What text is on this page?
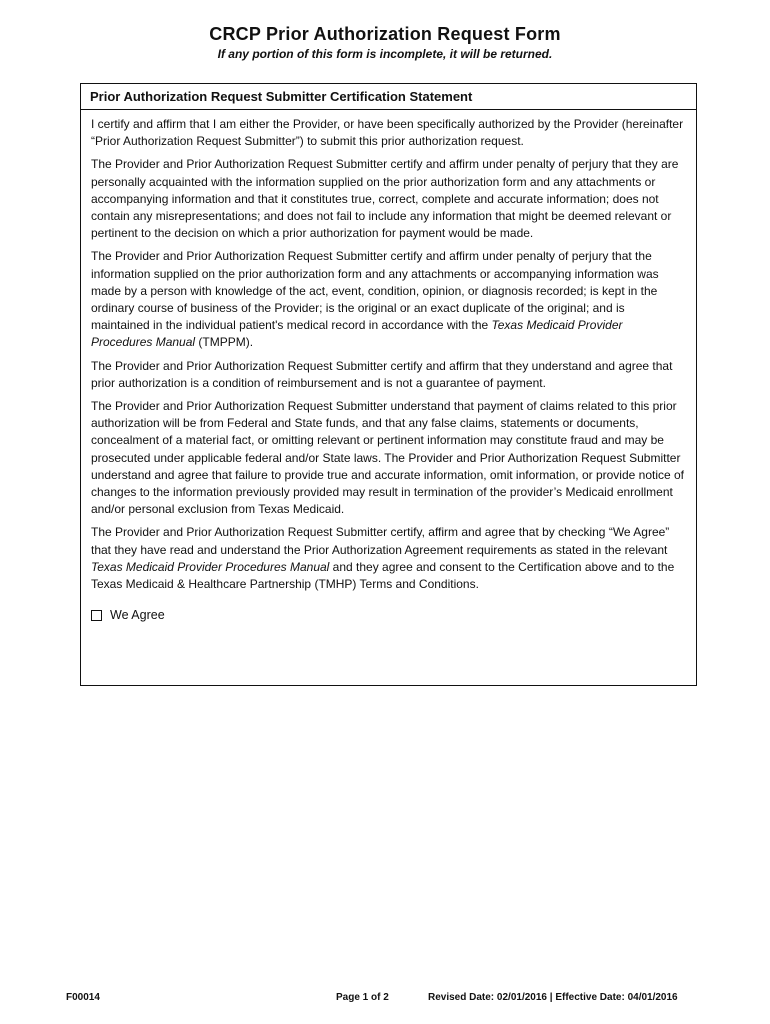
CRCP Prior Authorization Request Form

If any portion of this form is incomplete, it will be returned.

Prior Authorization Request Submitter Certification Statement

I certify and affirm that I am either the Provider, or have been specifically authorized by the Provider (hereinafter “Prior Authorization Request Submitter”) to submit this prior authorization request.

The Provider and Prior Authorization Request Submitter certify and affirm under penalty of perjury that they are personally acquainted with the information supplied on the prior authorization form and any attachments or accompanying information and that it constitutes true, correct, complete and accurate information; does not contain any misrepresentations; and does not fail to include any information that might be deemed relevant or pertinent to the decision on which a prior authorization for payment would be made.

The Provider and Prior Authorization Request Submitter certify and affirm under penalty of perjury that the information supplied on the prior authorization form and any attachments or accompanying information was made by a person with knowledge of the act, event, condition, opinion, or diagnosis recorded; is kept in the ordinary course of business of the Provider; is the original or an exact duplicate of the original; and is maintained in the individual patient's medical record in accordance with the Texas Medicaid Provider Procedures Manual (TMPPM).

The Provider and Prior Authorization Request Submitter certify and affirm that they understand and agree that prior authorization is a condition of reimbursement and is not a guarantee of payment.

The Provider and Prior Authorization Request Submitter understand that payment of claims related to this prior authorization will be from Federal and State funds, and that any false claims, statements or documents, concealment of a material fact, or omitting relevant or pertinent information may constitute fraud and may be prosecuted under applicable federal and/or State laws. The Provider and Prior Authorization Request Submitter understand and agree that failure to provide true and accurate information, omit information, or provide notice of changes to the information previously provided may result in termination of the provider’s Medicaid enrollment and/or personal exclusion from Texas Medicaid.

The Provider and Prior Authorization Request Submitter certify, affirm and agree that by checking “We Agree” that they have read and understand the Prior Authorization Agreement requirements as stated in the relevant Texas Medicaid Provider Procedures Manual and they agree and consent to the Certification above and to the Texas Medicaid & Healthcare Partnership (TMHP) Terms and Conditions.

We Agree
F00014	Page 1 of 2	Revised Date: 02/01/2016 | Effective Date: 04/01/2016
